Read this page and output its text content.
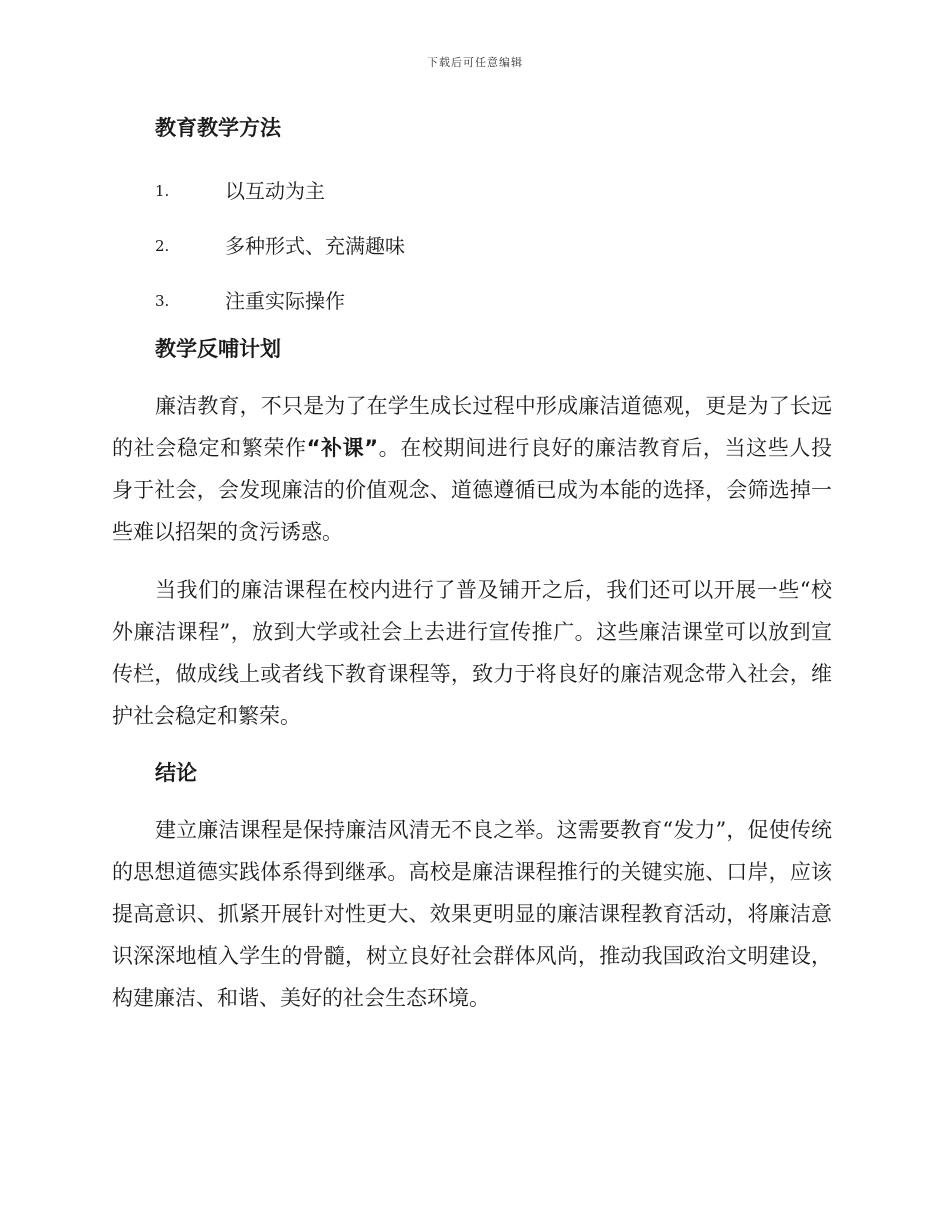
下载后可任意编辑
教育教学方法
1.	以互动为主
2.	多种形式、充满趣味
3.	注重实际操作
教学反哺计划

廉洁教育，不只是为了在学生成长过程中形成廉洁道德观，更是为了长远的社会稳定和繁荣作“补课”。在校期间进行良好的廉洁教育后，当这些人投身于社会，会发现廉洁的价值观念、道德遵循已成为本能的选择，会筛选掉一些难以招架的贪污诱惑。

当我们的廉洁课程在校内进行了普及铺开之后，我们还可以开展一些“校外廉洁课程”，放到大学或社会上去进行宣传推广。这些廉洁课堂可以放到宣传栏，做成线上或者线下教育课程等，致力于将良好的廉洁观念带入社会，维护社会稳定和繁荣。

结论

建立廉洁课程是保持廉洁风清无不良之举。这需要教育“发力”，促使传统的思想道德实践体系得到继承。高校是廉洁课程推行的关键实施、口岸，应该提高意识、抓紧开展针对性更大、效果更明显的廉洁课程教育活动，将廉洁意识深深地植入学生的骨髓，树立良好社会群体风尚，推动我国政治文明建设，构建廉洁、和谐、美好的社会生态环境。
